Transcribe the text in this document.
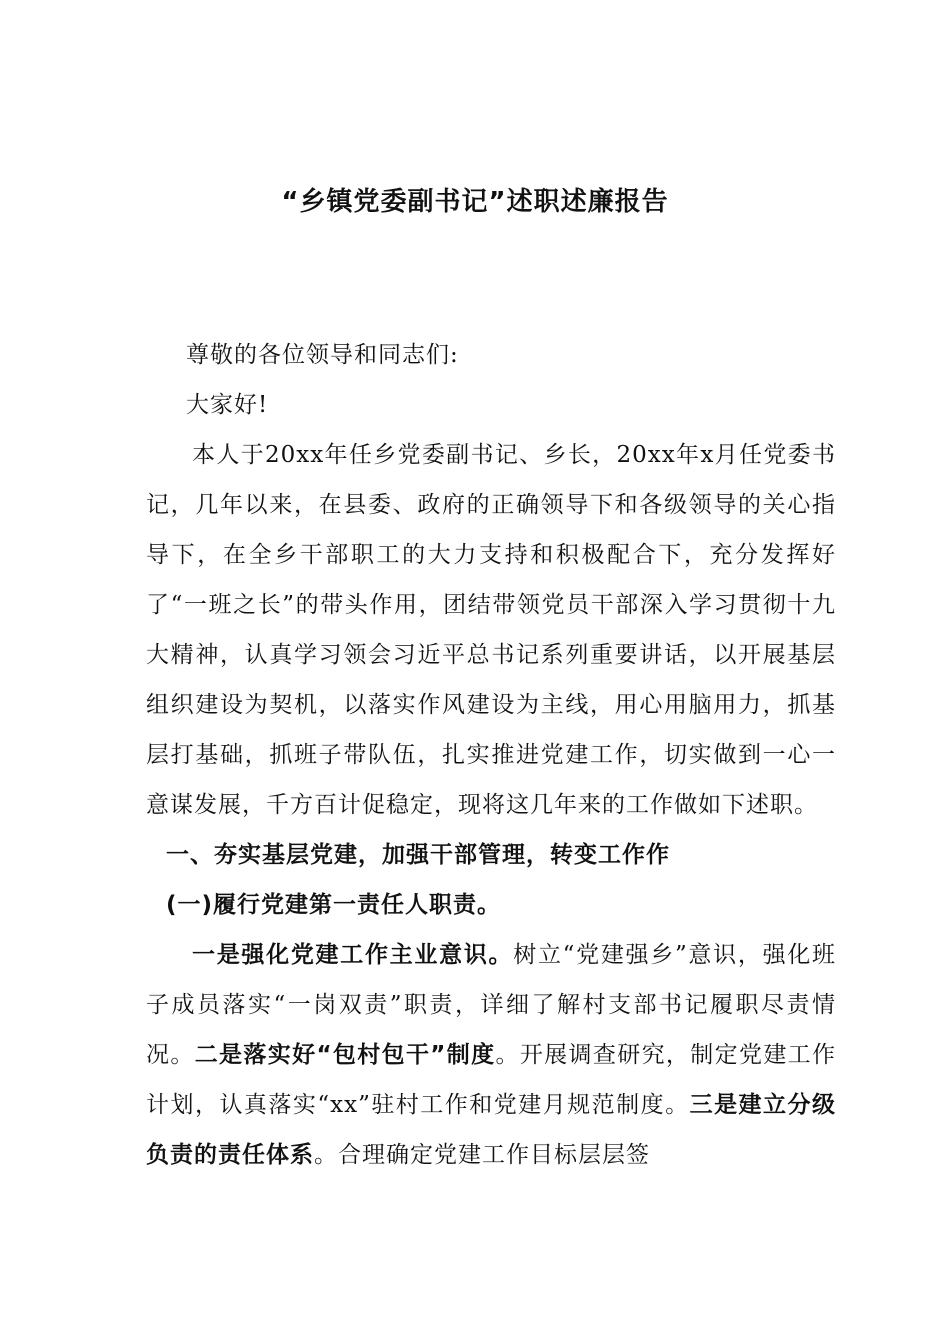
“乡镇党委副书记”述职述廉报告

尊敬的各位领导和同志们:

大家好!

本人于20xx年任乡党委副书记、乡长，20xx年x月任党委书记，几年以来，在县委、政府的正确领导下和各级领导的关心指导下，在全乡干部职工的大力支持和积极配合下，充分发挥好了“一班之长”的带头作用，团结带领党员干部深入学习贯彻十九大精神，认真学习领会习近平总书记系列重要讲话，以开展基层组织建设为契机，以落实作风建设为主线，用心用脑用力，抓基层打基础，抓班子带队伍，扎实推进党建工作，切实做到一心一意谋发展，千方百计促稳定，现将这几年来的工作做如下述职。

一、夯实基层党建，加强干部管理，转变工作作

(一)履行党建第一责任人职责。

一是强化党建工作主业意识。树立“党建强乡”意识，强化班子成员落实“一岗双责”职责，详细了解村支部书记履职尽责情况。二是落实好“包村包干”制度。开展调查研究，制定党建工作计划，认真落实“xx”驻村工作和党建月规范制度。三是建立分级负责的责任体系。合理确定党建工作目标层层签
